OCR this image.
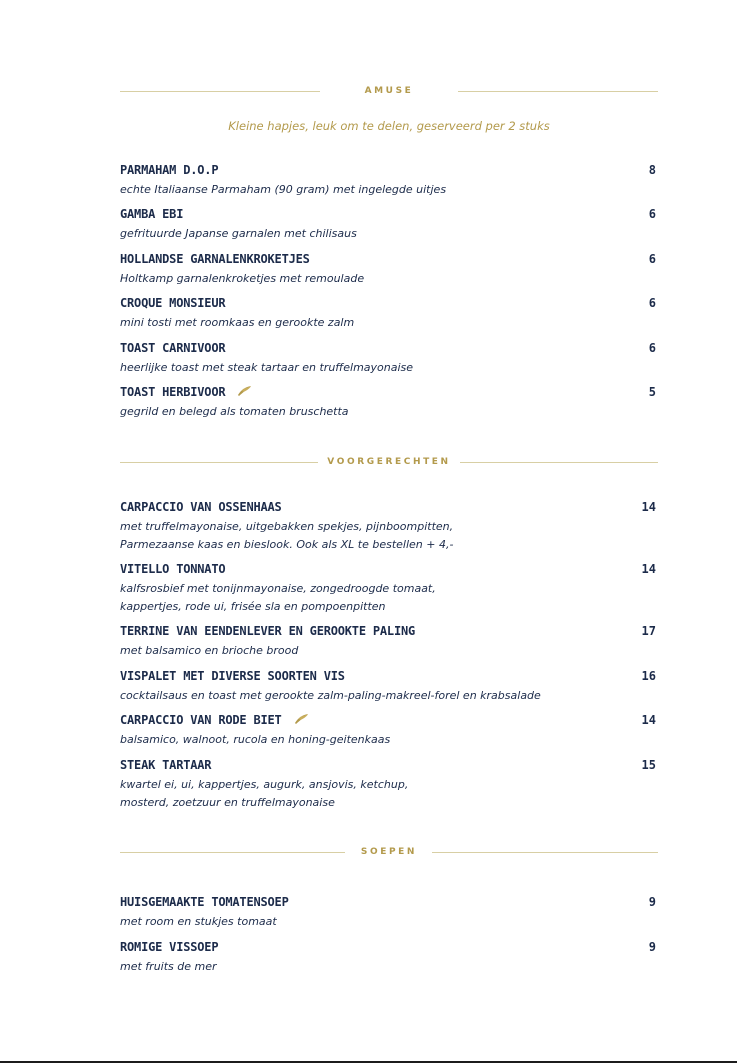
AMUSE
Kleine hapjes, leuk om te delen, geserveerd per 2 stuks
PARMAHAM D.O.P	8
echte Italiaanse Parmaham (90 gram) met ingelegde uitjes
GAMBA EBI	6
gefrituurde Japanse garnalen met chilisaus
HOLLANDSE GARNALENKROKETJES	6
Holtkamp garnalenkroketjes met remoulade
CROQUE MONSIEUR	6
mini tosti met roomkaas en gerookte zalm
TOAST CARNIVOOR	6
heerlijke toast met steak tartaar en truffelmayonaise
TOAST HERBIVOOR	5
gegrild en belegd als tomaten bruschetta
VOORGERECHTEN
CARPACCIO VAN OSSENHAAS	14
met truffelmayonaise, uitgebakken spekjes, pijnboompitten,
Parmezaanse kaas en bieslook. Ook als XL te bestellen + 4,-
VITELLO TONNATO	14
kalfsrosbief met tonijnmayonaise, zongedroogde tomaat,
kappertjes, rode ui, frisée sla en pompoenpitten
TERRINE VAN EENDENLEVER EN GEROOKTE PALING	17
met balsamico en brioche brood
VISPALET MET DIVERSE SOORTEN VIS	16
cocktailsaus en toast met gerookte zalm-paling-makreel-forel en krabsalade
CARPACCIO VAN RODE BIET	14
balsamico, walnoot, rucola en honing-geitenkaas
STEAK TARTAAR	15
kwartel ei, ui, kappertjes, augurk, ansjovis, ketchup,
mosterd, zoetzuur en truffelmayonaise
SOEPEN
HUISGEMAAKTE TOMATENSOEP	9
met room en stukjes tomaat
ROMIGE VISSOEP	9
met fruits de mer
